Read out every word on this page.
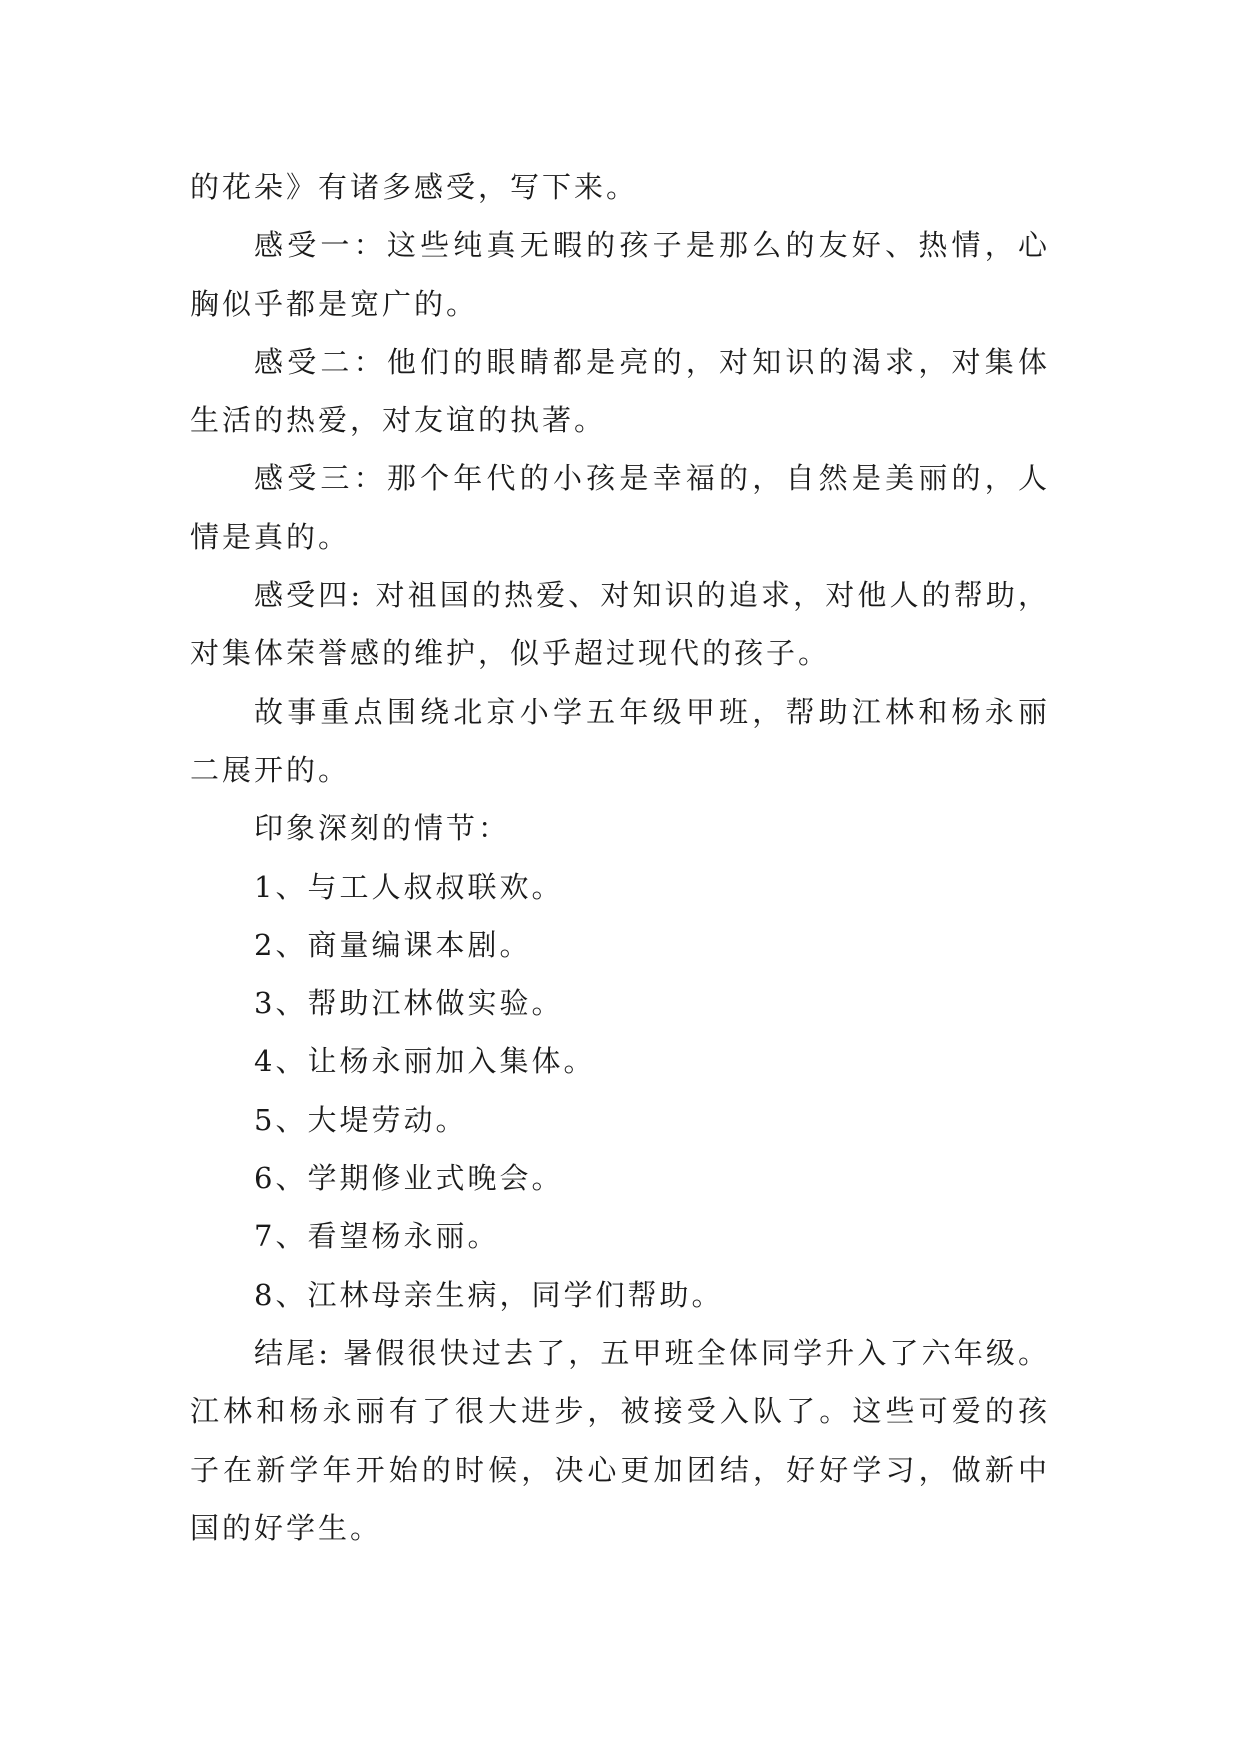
的花朵》有诸多感受，写下来。

感受一：这些纯真无暇的孩子是那么的友好、热情，心胸似乎都是宽广的。

感受二：他们的眼睛都是亮的，对知识的渴求，对集体生活的热爱，对友谊的执著。

感受三：那个年代的小孩是幸福的，自然是美丽的，人情是真的。

感受四: 对祖国的热爱、对知识的追求，对他人的帮助，对集体荣誉感的维护，似乎超过现代的孩子。

故事重点围绕北京小学五年级甲班，帮助江林和杨永丽二展开的。

印象深刻的情节：

1、与工人叔叔联欢。

2、商量编课本剧。

3、帮助江林做实验。

4、让杨永丽加入集体。

5、大堤劳动。

6、学期修业式晚会。

7、看望杨永丽。

8、江林母亲生病，同学们帮助。

结尾: 暑假很快过去了，五甲班全体同学升入了六年级。江林和杨永丽有了很大进步，被接受入队了。这些可爱的孩子在新学年开始的时候，决心更加团结，好好学习，做新中国的好学生。
